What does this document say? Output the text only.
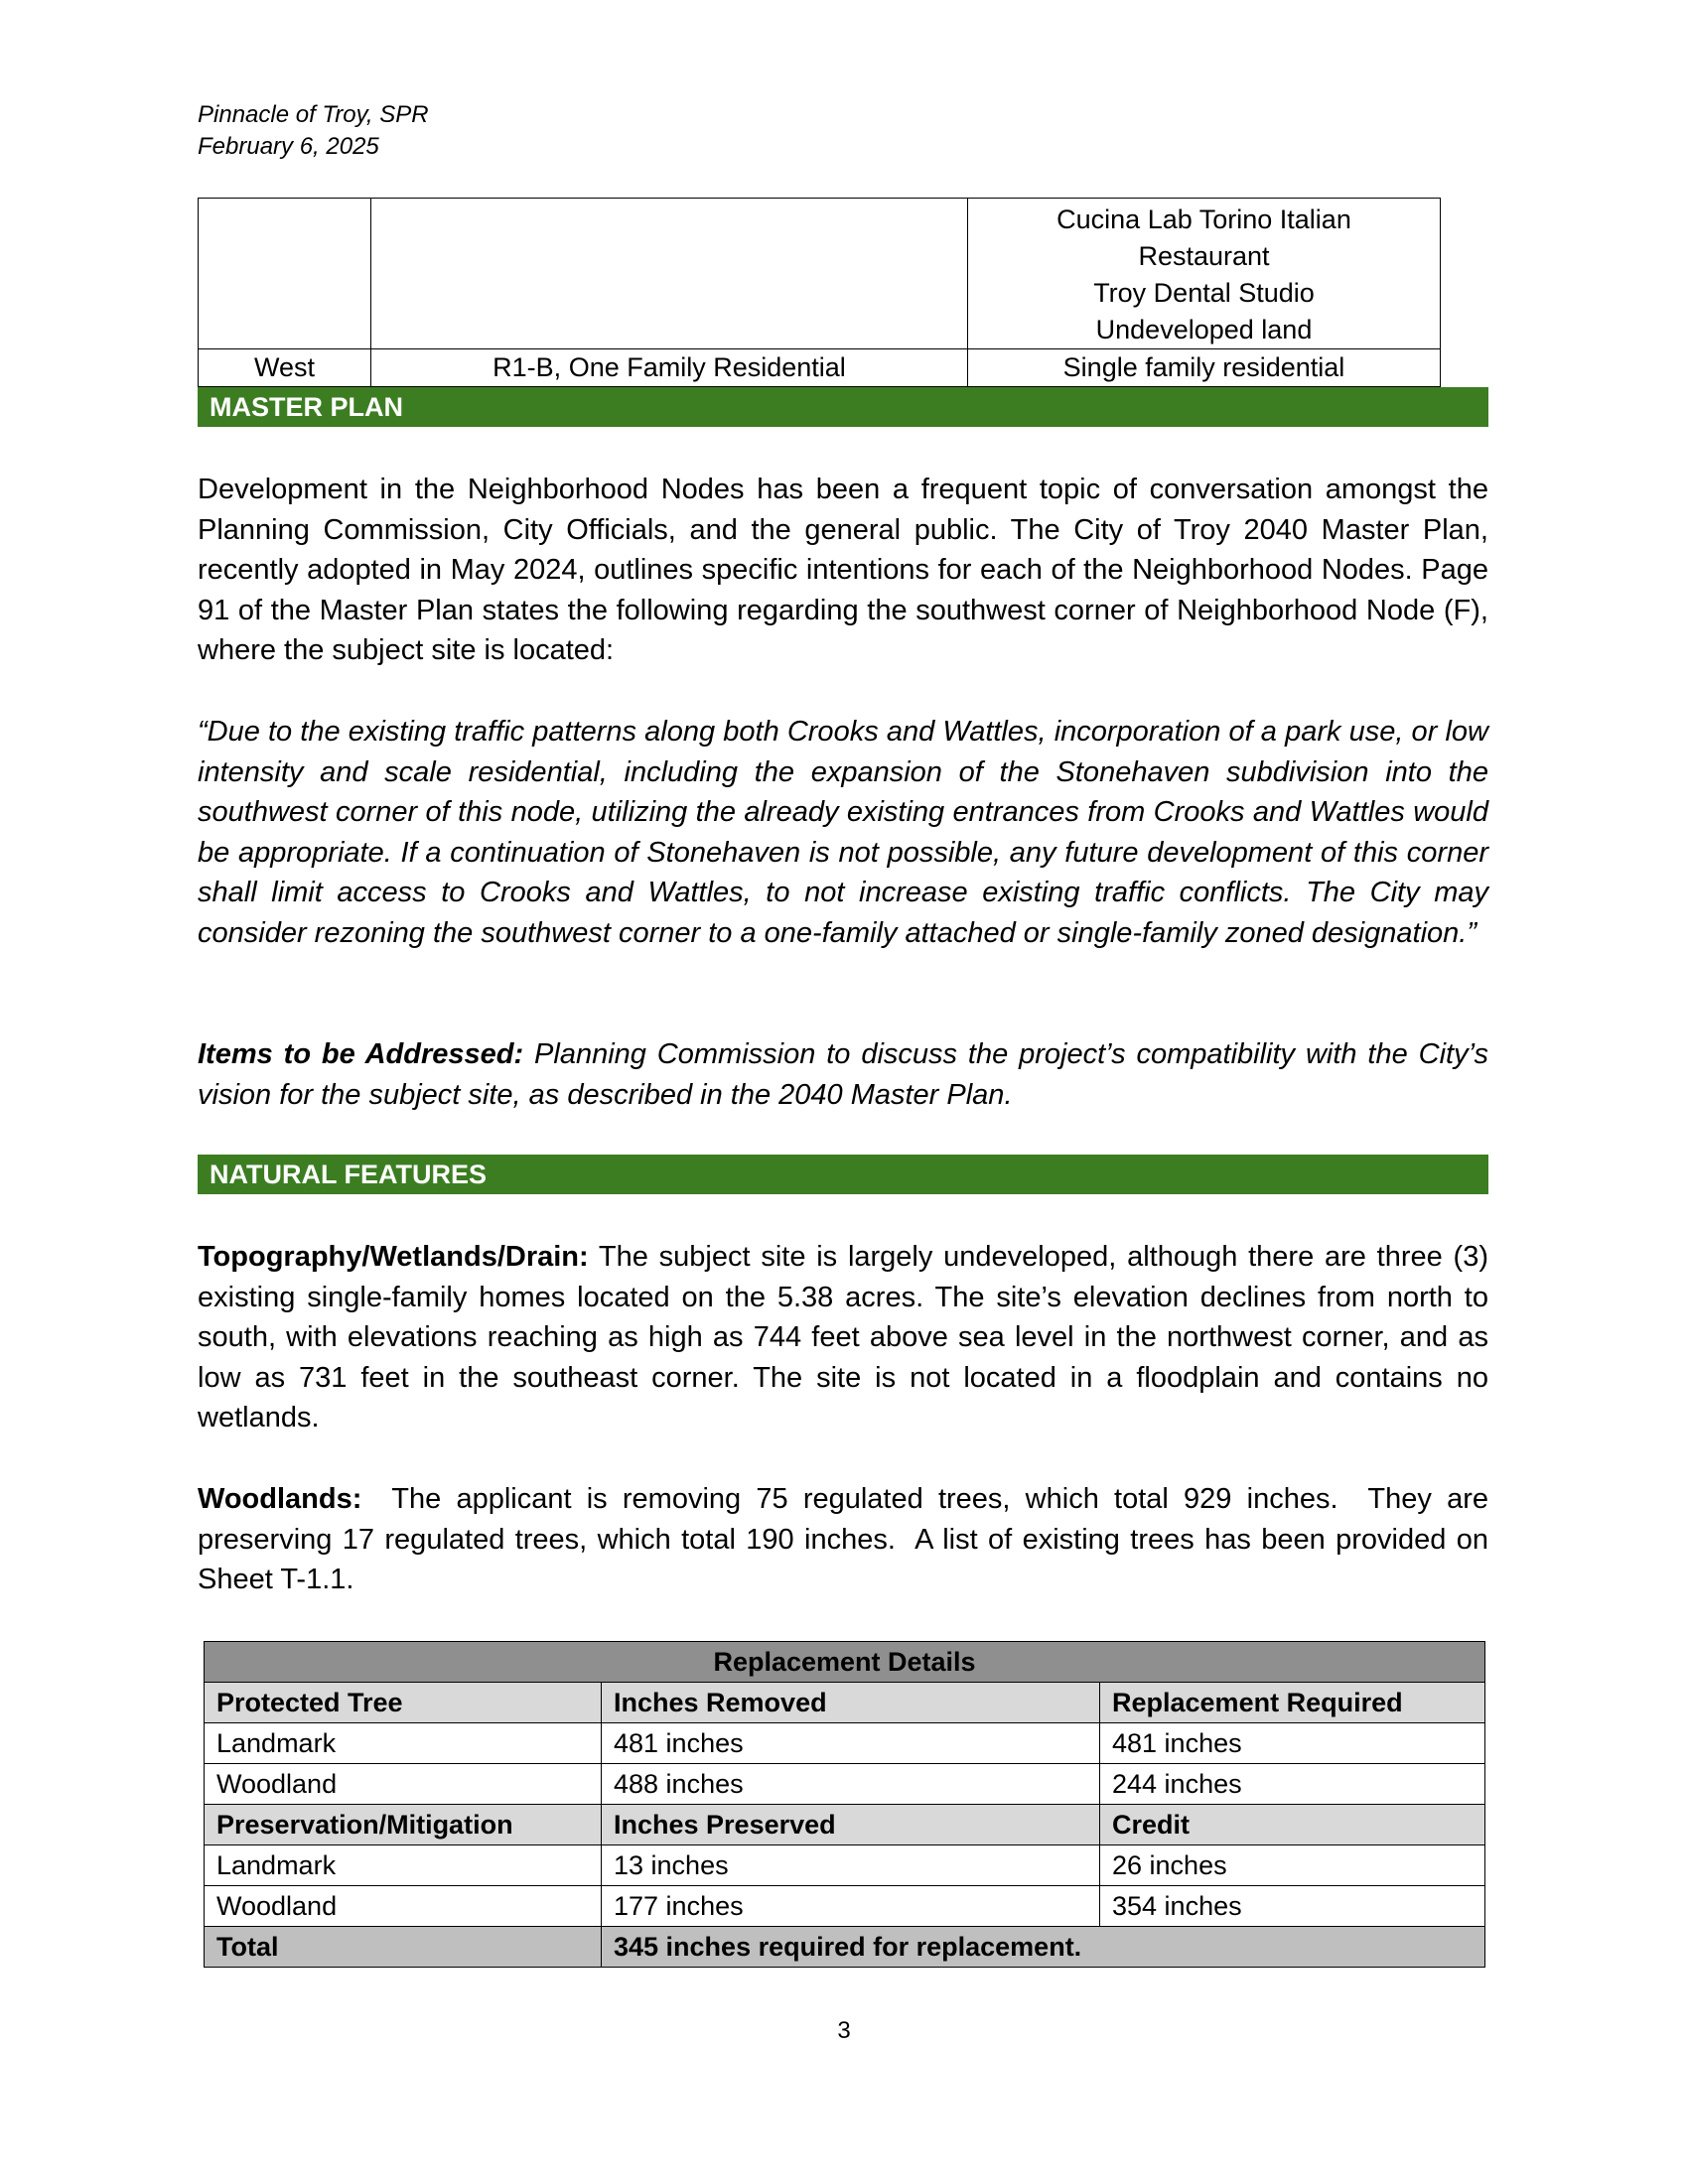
Pinnacle of Troy, SPR
February 6, 2025

		Cucina Lab Torino Italian
Restaurant
Troy Dental Studio
Undeveloped land

West	R1-B, One Family Residential	Single family residential
MASTER PLAN

Development in the Neighborhood Nodes has been a frequent topic of conversation amongst the Planning Commission, City Officials, and the general public. The City of Troy 2040 Master Plan, recently adopted in May 2024, outlines specific intentions for each of the Neighborhood Nodes. Page 91 of the Master Plan states the following regarding the southwest corner of Neighborhood Node (F), where the subject site is located:

“Due to the existing traffic patterns along both Crooks and Wattles, incorporation of a park use, or low intensity and scale residential, including the expansion of the Stonehaven subdivision into the southwest corner of this node, utilizing the already existing entrances from Crooks and Wattles would be appropriate. If a continuation of Stonehaven is not possible, any future development of this corner shall limit access to Crooks and Wattles, to not increase existing traffic conflicts. The City may consider rezoning the southwest corner to a one-family attached or single-family zoned designation.”

Items to be Addressed: Planning Commission to discuss the project’s compatibility with the City’s vision for the subject site, as described in the 2040 Master Plan.

NATURAL FEATURES

Topography/Wetlands/Drain: The subject site is largely undeveloped, although there are three (3) existing single-family homes located on the 5.38 acres. The site’s elevation declines from north to south, with elevations reaching as high as 744 feet above sea level in the northwest corner, and as low as 731 feet in the southeast corner. The site is not located in a floodplain and contains no wetlands.

Woodlands:  The applicant is removing 75 regulated trees, which total 929 inches.  They are preserving 17 regulated trees, which total 190 inches.  A list of existing trees has been provided on Sheet T-1.1.

Replacement Details		
Protected Tree	Inches Removed	Replacement Required
Landmark	481 inches	481 inches
Woodland	488 inches	244 inches
Preservation/Mitigation	Inches Preserved	Credit
Landmark	13 inches	26 inches
Woodland	177 inches	354 inches
Total	345 inches required for replacement.	
3
